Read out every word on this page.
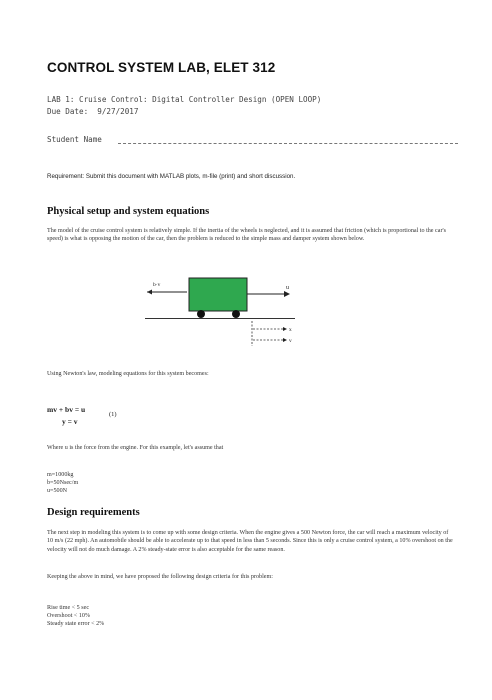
CONTROL SYSTEM LAB, ELET 312
LAB 1: Cruise Control: Digital Controller Design (OPEN LOOP)
Due Date:  9/27/2017
Student Name
Requirement: Submit this document with MATLAB plots, m-file (print) and short discussion.
Physical setup and system equations
The model of the cruise control system is relatively simple. If the inertia of the wheels is neglected, and it is assumed that friction (which is proportional to the car's speed) is what is opposing the motion of the car, then the problem is reduced to the simple mass and damper system shown below.
b·v	u
x
v
Using Newton's law, modeling equations for this system becomes:
mv + bv = u
(1)
y = v
Where u is the force from the engine. For this example, let's assume that
m=1000kg
b=50Nsec/m
u=500N
Design requirements
The next step in modeling this system is to come up with some design criteria. When the engine gives a 500 Newton force, the car will reach a maximum velocity of 10 m/s (22 mph). An automobile should be able to accelerate up to that speed in less than 5 seconds. Since this is only a cruise control system, a 10% overshoot on the velocity will not do much damage. A 2% steady-state error is also acceptable for the same reason.
Keeping the above in mind, we have proposed the following design criteria for this problem:
Rise time < 5 sec
Overshoot < 10%
Steady state error < 2%
